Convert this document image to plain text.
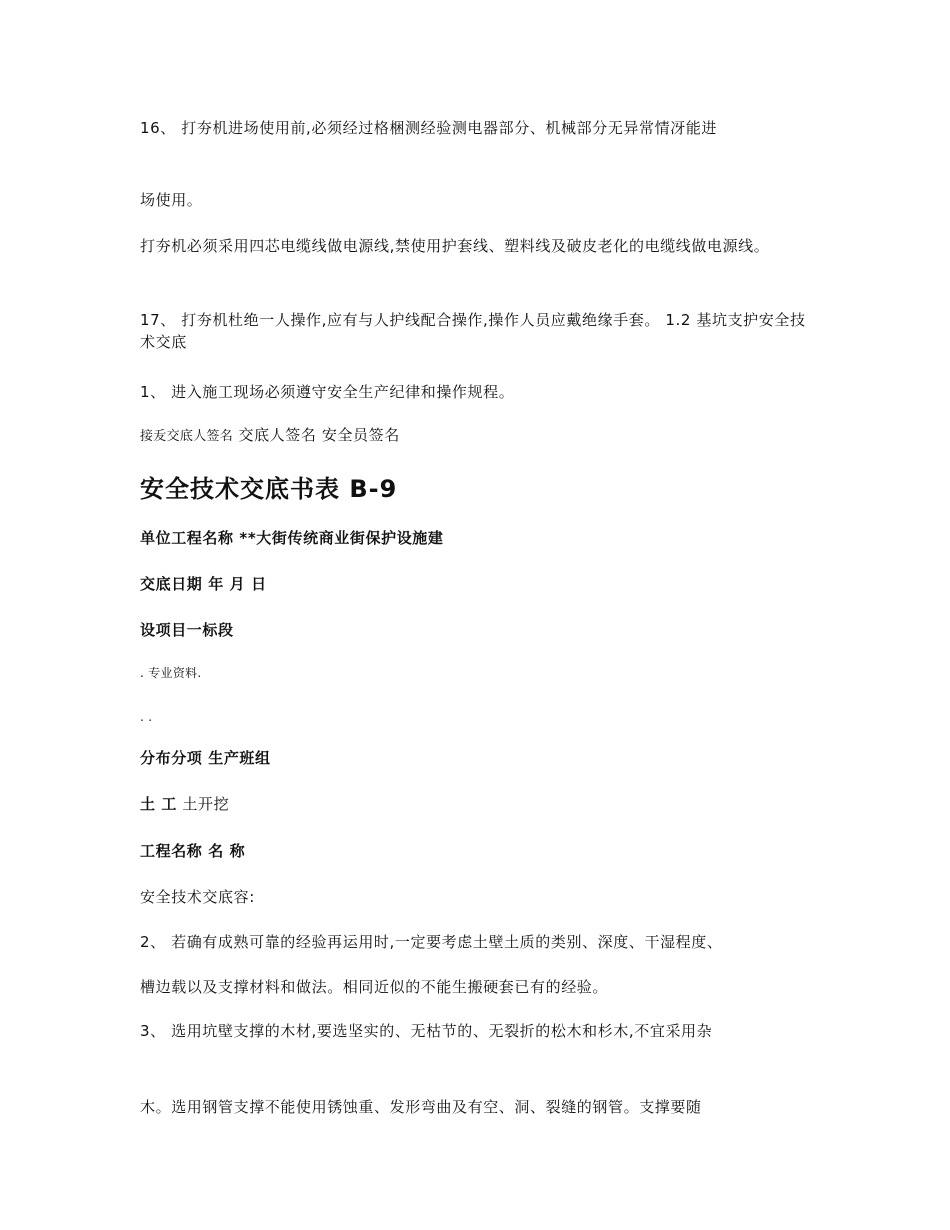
16、 打夯机进场使用前,必须经过格梱测经验测电器部分、机械部分无异常情冴能进
场使用。
打夯机必须采用四芯电缆线做电源线,禁使用护套线、塑料线及破皮老化的电缆线做电源线。
17、 打夯机杜绝一人操作,应有与人护线配合操作,操作人员应戴绝缘手套。 1.2 基坑支护安全技术交底
1、 进入施工现场必须遵守安全生产纪律和操作规程。
接叐交底人签名 交底人签名 安全员签名
安全技术交底书表 B-9
单位工程名称 **大街传统商业街保护设施建
交底日期 年 月 日
设项目一标段
. 专业资料.
. .
分布分项 生产班组
土 工 土开挖
工程名称 名 称
安全技术交底容:
2、 若确有成熟可靠的经验再运用时,一定要考虑土壁土质的类别、深度、干湿程度、
槽边载以及支撑材料和做法。相同近似的不能生搬硬套已有的经验。
3、 选用坑壁支撑的木材,要选坚实的、无枯节的、无裂折的松木和杉木,不宜采用杂
木。选用钢管支撑不能使用锈蚀重、发形弯曲及有空、洞、裂缝的钢管。支撑要随
